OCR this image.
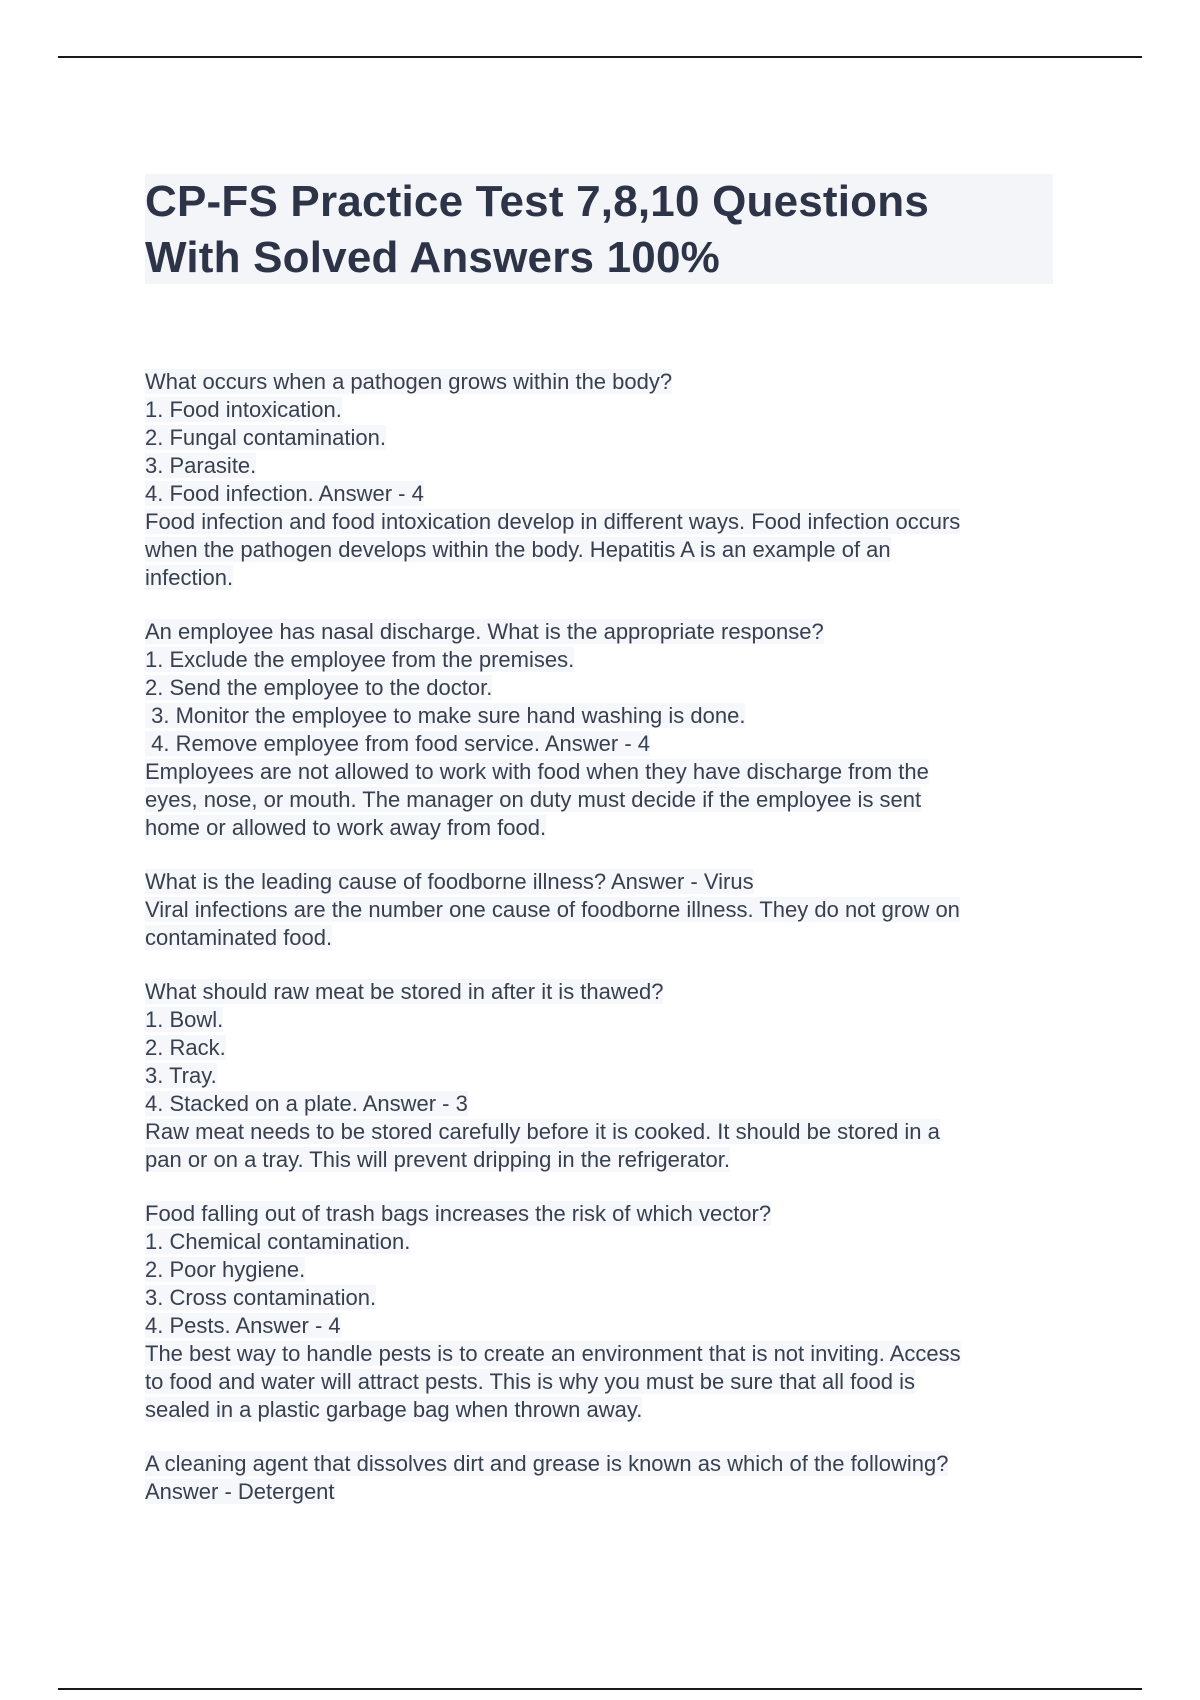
CP-FS Practice Test 7,8,10 Questions
With Solved Answers 100%
What occurs when a pathogen grows within the body?
1. Food intoxication.
2. Fungal contamination.
3. Parasite.
4. Food infection. Answer - 4
Food infection and food intoxication develop in different ways. Food infection occurs
when the pathogen develops within the body. Hepatitis A is an example of an
infection.
An employee has nasal discharge. What is the appropriate response?
1. Exclude the employee from the premises.
2. Send the employee to the doctor.
3. Monitor the employee to make sure hand washing is done.
4. Remove employee from food service. Answer - 4
Employees are not allowed to work with food when they have discharge from the
eyes, nose, or mouth. The manager on duty must decide if the employee is sent
home or allowed to work away from food.
What is the leading cause of foodborne illness? Answer - Virus
Viral infections are the number one cause of foodborne illness. They do not grow on
contaminated food.
What should raw meat be stored in after it is thawed?
1. Bowl.
2. Rack.
3. Tray.
4. Stacked on a plate. Answer - 3
Raw meat needs to be stored carefully before it is cooked. It should be stored in a
pan or on a tray. This will prevent dripping in the refrigerator.
Food falling out of trash bags increases the risk of which vector?
1. Chemical contamination.
2. Poor hygiene.
3. Cross contamination.
4. Pests. Answer - 4
The best way to handle pests is to create an environment that is not inviting. Access
to food and water will attract pests. This is why you must be sure that all food is
sealed in a plastic garbage bag when thrown away.
A cleaning agent that dissolves dirt and grease is known as which of the following?
Answer - Detergent
